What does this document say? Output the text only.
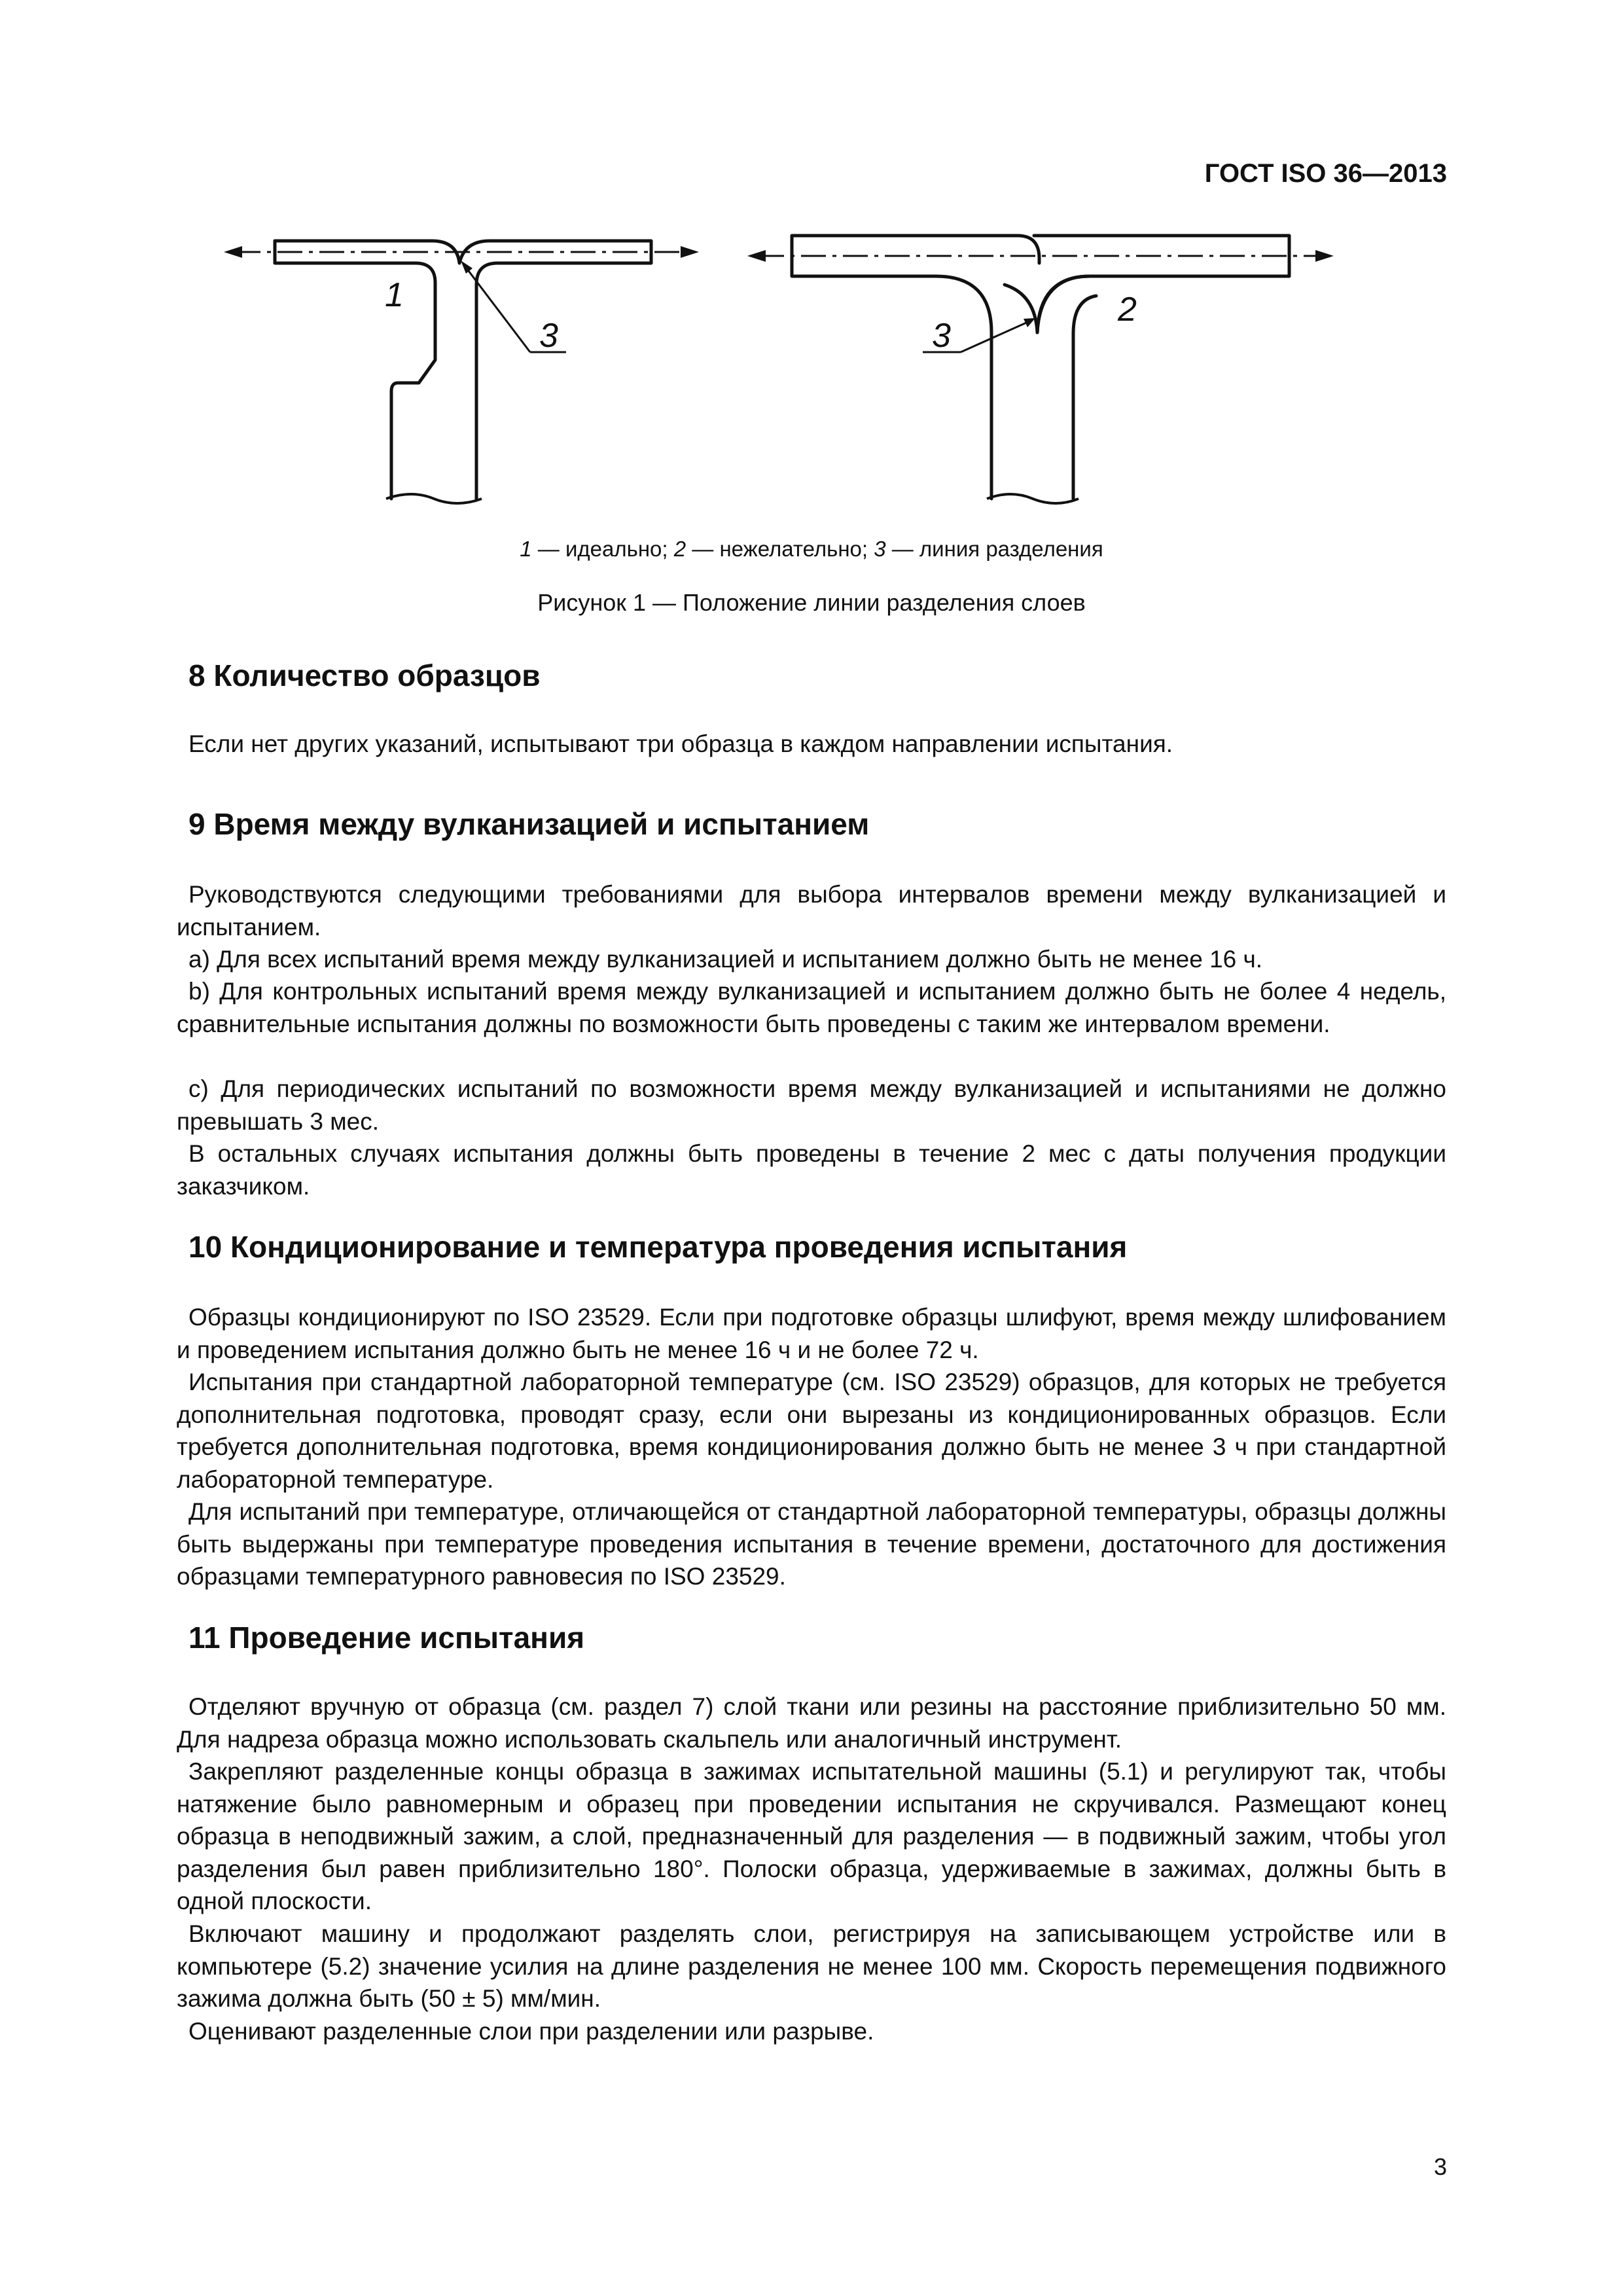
ГОСТ ISO 36—2013
1
3	3
2
1 — идеально; 2 — нежелательно; 3 — линия разделения
Рисунок 1 — Положение линии разделения слоев
8 Количество образцов

Если нет других указаний, испытывают три образца в каждом направлении испытания.

9 Время между вулканизацией и испытанием

Руководствуются следующими требованиями для выбора интервалов времени между вулканизацией и испытанием.

a) Для всех испытаний время между вулканизацией и испытанием должно быть не менее 16 ч.

b) Для контрольных испытаний время между вулканизацией и испытанием должно быть не более 4 недель, сравнительные испытания должны по возможности быть проведены с таким же интервалом времени.

c) Для периодических испытаний по возможности время между вулканизацией и испытаниями не должно превышать 3 мес.

В остальных случаях испытания должны быть проведены в течение 2 мес с даты получения продукции заказчиком.

10 Кондиционирование и температура проведения испытания

Образцы кондиционируют по ISO 23529. Если при подготовке образцы шлифуют, время между шлифованием и проведением испытания должно быть не менее 16 ч и не более 72 ч.

Испытания при стандартной лабораторной температуре (см. ISO 23529) образцов, для которых не требуется дополнительная подготовка, проводят сразу, если они вырезаны из кондиционированных образцов. Если требуется дополнительная подготовка, время кондиционирования должно быть не менее 3 ч при стандартной лабораторной температуре.

Для испытаний при температуре, отличающейся от стандартной лабораторной температуры, образцы должны быть выдержаны при температуре проведения испытания в течение времени, достаточного для достижения образцами температурного равновесия по ISO 23529.

11 Проведение испытания

Отделяют вручную от образца (см. раздел 7) слой ткани или резины на расстояние приблизительно 50 мм. Для надреза образца можно использовать скальпель или аналогичный инструмент.

Закрепляют разделенные концы образца в зажимах испытательной машины (5.1) и регулируют так, чтобы натяжение было равномерным и образец при проведении испытания не скручивался. Размещают конец образца в неподвижный зажим, а слой, предназначенный для разделения — в подвижный зажим, чтобы угол разделения был равен приблизительно 180°. Полоски образца, удерживаемые в зажимах, должны быть в одной плоскости.

Включают машину и продолжают разделять слои, регистрируя на записывающем устройстве или в компьютере (5.2) значение усилия на длине разделения не менее 100 мм. Скорость перемещения подвижного зажима должна быть (50 ± 5) мм/мин.

Оценивают разделенные слои при разделении или разрыве.

3
